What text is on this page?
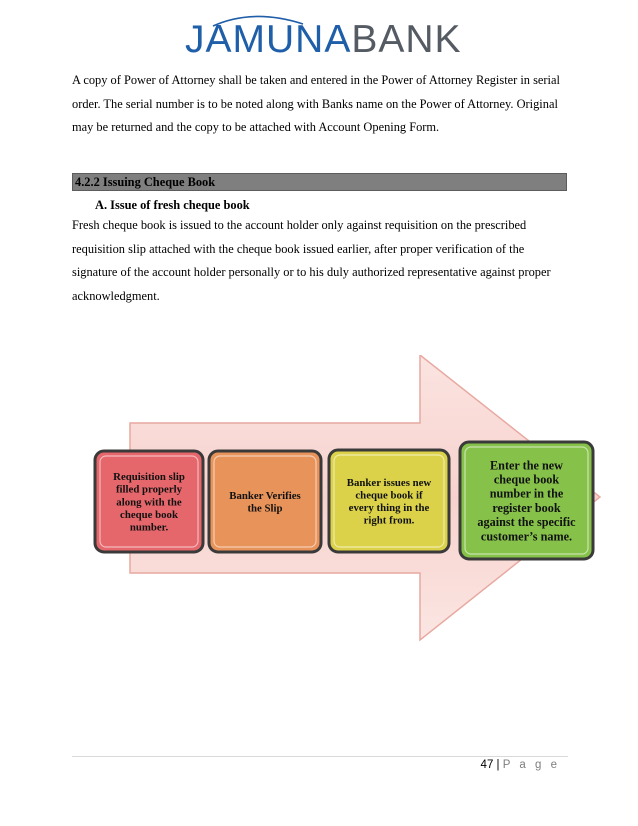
JAMUNABANK
A copy of Power of Attorney shall be taken and entered in the Power of Attorney Register in serial order. The serial number is to be noted along with Banks name on the Power of Attorney. Original may be returned and the copy to be attached with Account Opening Form.
4.2.2 Issuing Cheque Book
A. Issue of fresh cheque book
Fresh cheque book is issued to the account holder only against requisition on the prescribed requisition slip attached with the cheque book issued earlier, after proper verification of the signature of the account holder personally or to his duly authorized representative against proper acknowledgment.
Requisition slip
filled properly
along with the
cheque book
number.
Banker Verifies
the Slip
Banker issues new
cheque book if
every thing in the
right from.
Enter the new
cheque book
number in the
register book
against the specific
customer’s name.
47 | P a g e
